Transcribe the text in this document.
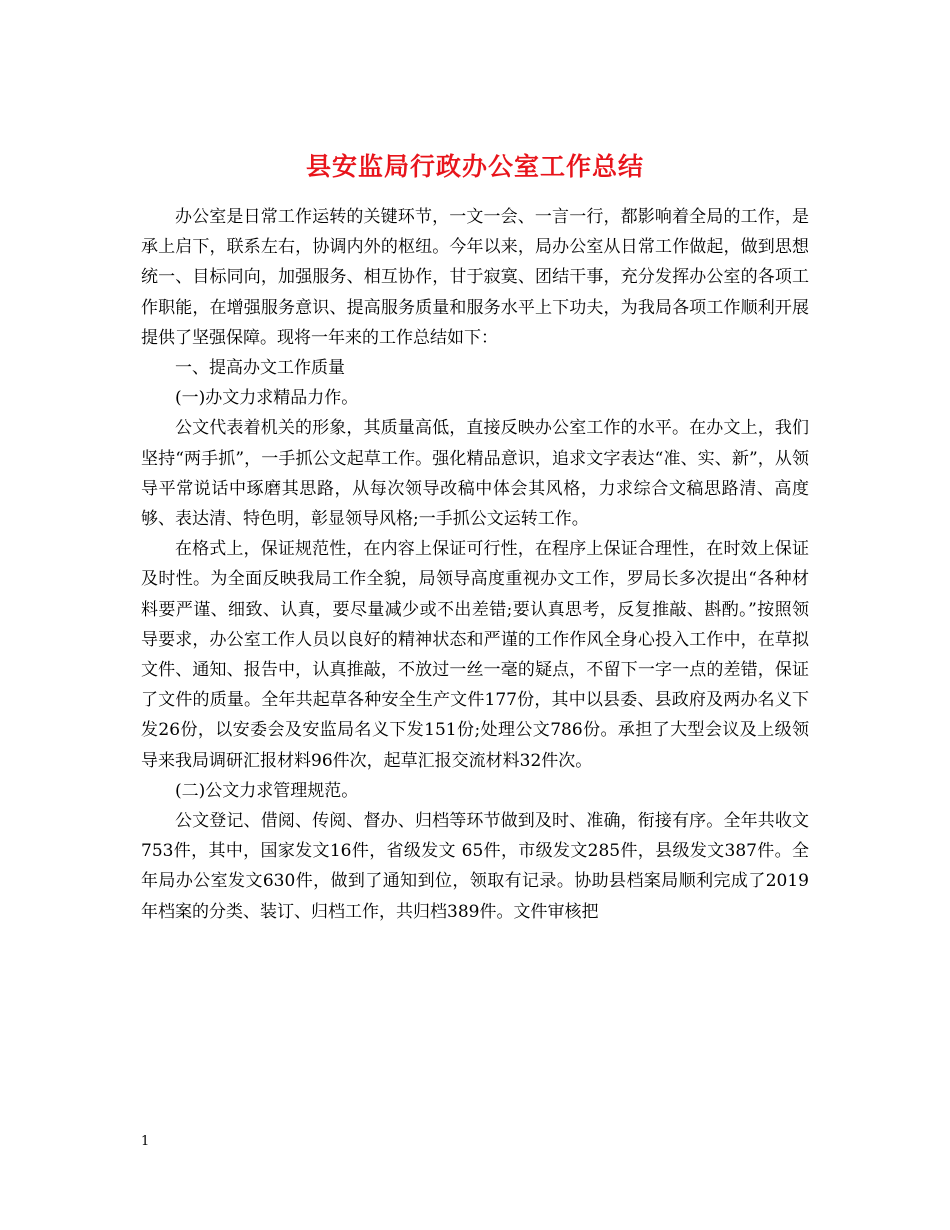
县安监局行政办公室工作总结

办公室是日常工作运转的关键环节，一文一会、一言一行，都影响着全局的工作，是承上启下，联系左右，协调内外的枢纽。今年以来，局办公室从日常工作做起，做到思想统一、目标同向，加强服务、相互协作，甘于寂寞、团结干事，充分发挥办公室的各项工作职能，在增强服务意识、提高服务质量和服务水平上下功夫，为我局各项工作顺利开展提供了坚强保障。现将一年来的工作总结如下：

一、提高办文工作质量

(一)办文力求精品力作。

公文代表着机关的形象，其质量高低，直接反映办公室工作的水平。在办文上，我们坚持“两手抓”，一手抓公文起草工作。强化精品意识，追求文字表达“准、实、新”，从领导平常说话中琢磨其思路，从每次领导改稿中体会其风格，力求综合文稿思路清、高度够、表达清、特色明，彰显领导风格;一手抓公文运转工作。

在格式上，保证规范性，在内容上保证可行性，在程序上保证合理性，在时效上保证及时性。为全面反映我局工作全貌，局领导高度重视办文工作，罗局长多次提出“各种材料要严谨、细致、认真，要尽量减少或不出差错;要认真思考，反复推敲、斟酌。”按照领导要求，办公室工作人员以良好的精神状态和严谨的工作作风全身心投入工作中，在草拟文件、通知、报告中，认真推敲，不放过一丝一毫的疑点，不留下一字一点的差错，保证了文件的质量。全年共起草各种安全生产文件177份，其中以县委、县政府及两办名义下发26份，以安委会及安监局名义下发151份;处理公文786份。承担了大型会议及上级领导来我局调研汇报材料96件次，起草汇报交流材料32件次。

(二)公文力求管理规范。

公文登记、借阅、传阅、督办、归档等环节做到及时、准确，衔接有序。全年共收文753件，其中，国家发文16件，省级发文 65件，市级发文285件，县级发文387件。全年局办公室发文630件，做到了通知到位，领取有记录。协助县档案局顺利完成了2019年档案的分类、装订、归档工作，共归档389件。文件审核把

1
